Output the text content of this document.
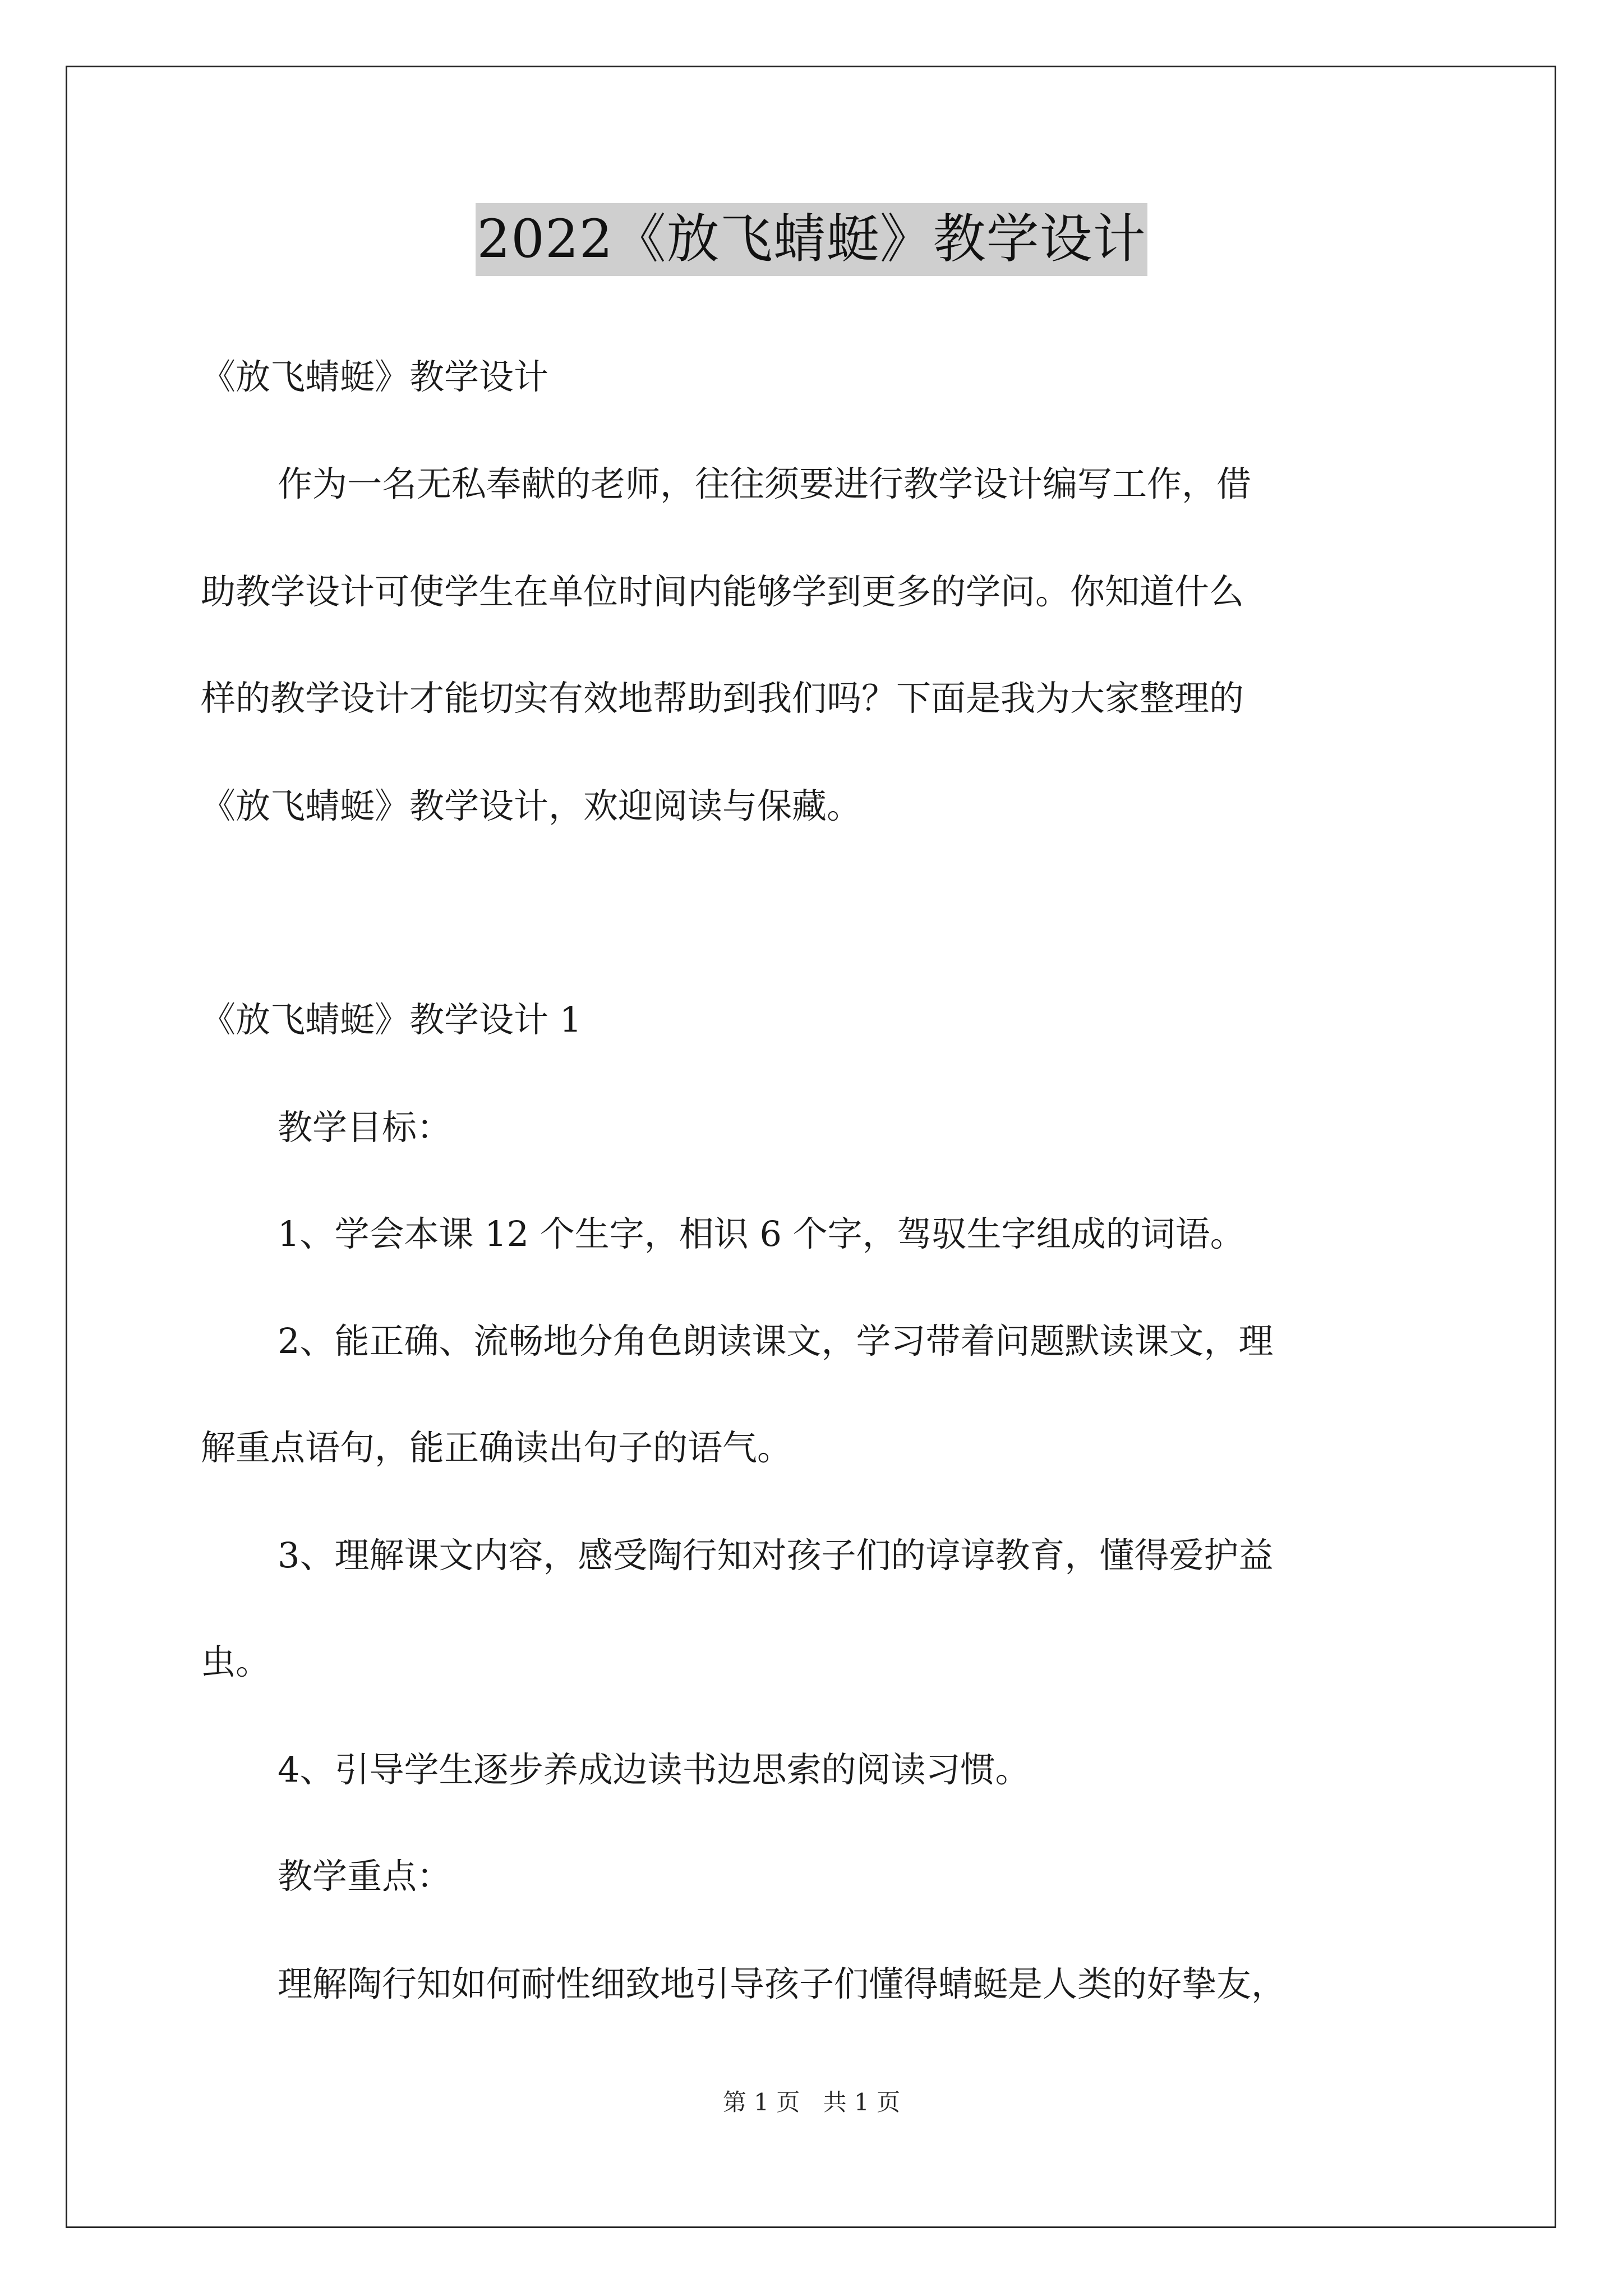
2022《放飞蜻蜓》教学设计
《放飞蜻蜓》教学设计
作为一名无私奉献的老师，往往须要进行教学设计编写工作，借
助教学设计可使学生在单位时间内能够学到更多的学问。你知道什么
样的教学设计才能切实有效地帮助到我们吗？下面是我为大家整理的
《放飞蜻蜓》教学设计，欢迎阅读与保藏。
《放飞蜻蜓》教学设计 1
教学目标：
1、学会本课 12 个生字，相识 6 个字，驾驭生字组成的词语。
2、能正确、流畅地分角色朗读课文，学习带着问题默读课文，理
解重点语句，能正确读出句子的语气。
3、理解课文内容，感受陶行知对孩子们的谆谆教育，懂得爱护益
虫。
4、引导学生逐步养成边读书边思索的阅读习惯。
教学重点：
理解陶行知如何耐性细致地引导孩子们懂得蜻蜓是人类的好挚友，
第 1 页 共 1 页
